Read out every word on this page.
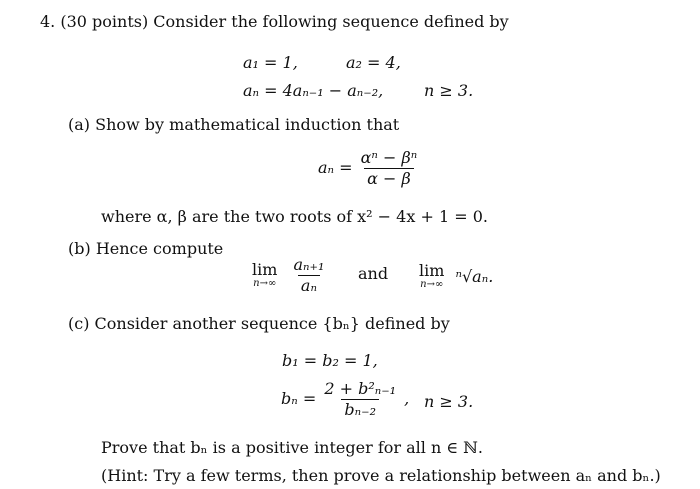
4. (30 points) Consider the following sequence defined by
a₁ = 1,	a₂ = 4,
aₙ = 4aₙ₋₁ − aₙ₋₂,	n ≥ 3.
(a) Show by mathematical induction that
$a_n = \frac{\text{αⁿ − βⁿ}}{\alpha - \beta}$
where α, β are the two roots of x² − 4x + 1 = 0.
(b) Hence compute
lim
n→∞
$\frac{\text{aₙ₊₁}}{\text{aₙ}}$ and lim
n→∞ ⁿ√aₙ.
(c) Consider another sequence {bₙ} defined by
b₁ = b₂ = 1,
$b_n = \frac{\text{2 + b²ₙ₋₁}}{\text{bₙ₋₂}}$ , n ≥ 3.
Prove that bₙ is a positive integer for all n ∈ ℕ.
(Hint: Try a few terms, then prove a relationship between aₙ and bₙ.)
